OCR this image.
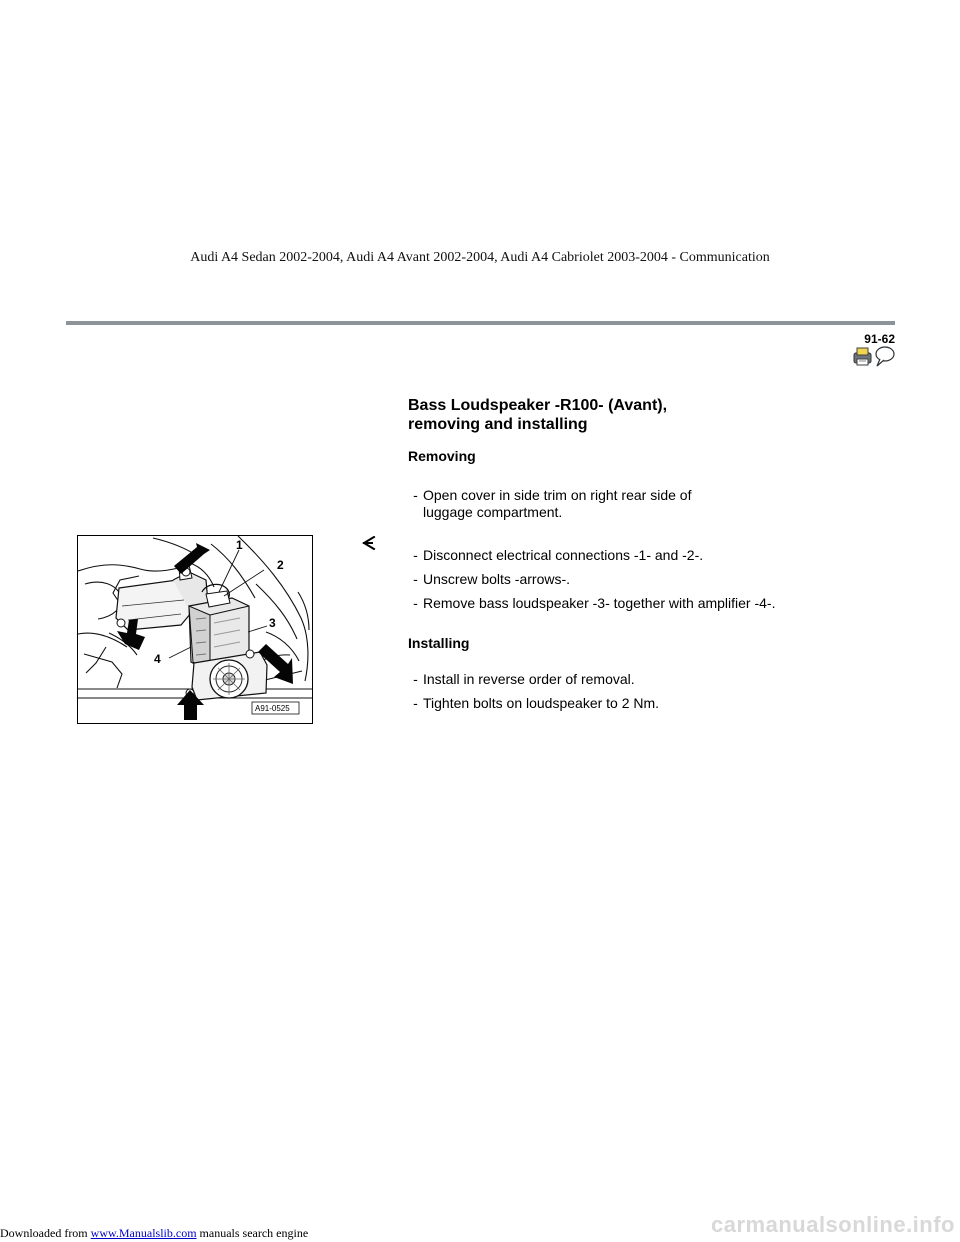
Audi A4 Sedan 2002-2004, Audi A4 Avant 2002-2004, Audi A4 Cabriolet 2003-2004 - Communication
91-62
Bass Loudspeaker -R100- (Avant),
removing and installing
Removing
- Open cover in side trim on right rear side of
luggage compartment.
- Disconnect electrical connections -1- and -2-.
- Unscrew bolts -arrows-.
- Remove bass loudspeaker -3- together with amplifier -4-.
Installing
- Install in reverse order of removal.
- Tighten bolts on loudspeaker to 2 Nm.
1
2
3
4
A91-0525
Downloaded from www.Manualslib.com manuals search engine	carmanualsonline.info
